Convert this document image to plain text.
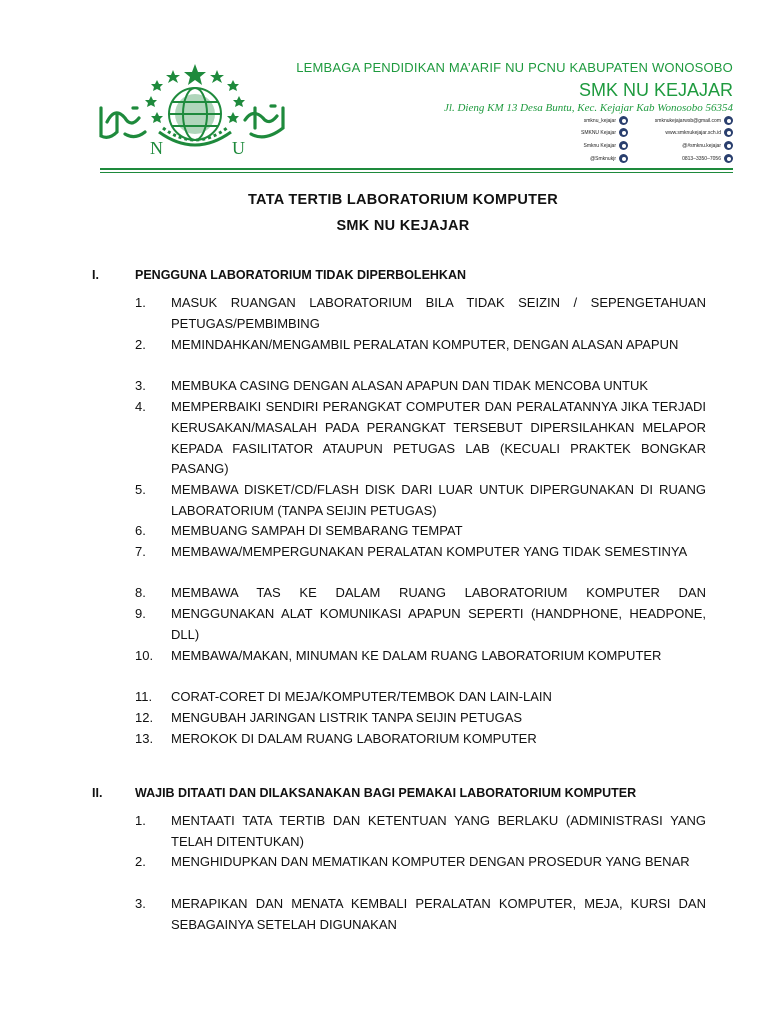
N	U
LEMBAGA PENDIDIKAN MA’ARIF NU PCNU KABUPATEN WONOSOBO
SMK NU KEJAJAR
Jl. Dieng KM 13 Desa Buntu, Kec. Kejajar Kab Wonosobo 56354
smknu_kejajar
SMKNU Kejajar
Smknu Kejajar
@Smknukjr
smknukejajarwsb@gmail.com
www.smknukejajar.sch.id
@#smknu.kejajar
0813–3350–7056
TATA TERTIB LABORATORIUM KOMPUTER
SMK NU KEJAJAR
I.	PENGGUNA LABORATORIUM TIDAK DIPERBOLEHKAN
1.	MASUK RUANGAN LABORATORIUM BILA TIDAK SEIZIN / SEPENGETAHUAN PETUGAS/PEMBIMBING
2.	MEMINDAHKAN/MENGAMBIL PERALATAN KOMPUTER, DENGAN ALASAN APAPUN
3.	MEMBUKA CASING DENGAN ALASAN APAPUN DAN TIDAK MENCOBA UNTUK
4.	MEMPERBAIKI SENDIRI PERANGKAT COMPUTER DAN PERALATANNYA JIKA TERJADI KERUSAKAN/MASALAH PADA PERANGKAT TERSEBUT DIPERSILAHKAN MELAPOR KEPADA FASILITATOR ATAUPUN PETUGAS LAB (KECUALI PRAKTEK BONGKAR PASANG)
5.	MEMBAWA DISKET/CD/FLASH DISK DARI LUAR UNTUK DIPERGUNAKAN DI RUANG LABORATORIUM (TANPA SEIJIN PETUGAS)
6.	MEMBUANG SAMPAH DI SEMBARANG TEMPAT
7.	MEMBAWA/MEMPERGUNAKAN PERALATAN KOMPUTER YANG TIDAK SEMESTINYA
8.	MEMBAWA TAS KE DALAM RUANG LABORATORIUM KOMPUTER DAN
9.	MENGGUNAKAN ALAT KOMUNIKASI APAPUN SEPERTI (HANDPHONE, HEADPONE, DLL)
10.	MEMBAWA/MAKAN, MINUMAN KE DALAM RUANG LABORATORIUM KOMPUTER
11.	CORAT-CORET DI MEJA/KOMPUTER/TEMBOK DAN LAIN-LAIN
12.	MENGUBAH JARINGAN LISTRIK TANPA SEIJIN PETUGAS
13.	MEROKOK DI DALAM RUANG LABORATORIUM KOMPUTER
II.	WAJIB DITAATI DAN DILAKSANAKAN BAGI PEMAKAI LABORATORIUM KOMPUTER
1.	MENTAATI TATA TERTIB DAN KETENTUAN YANG BERLAKU (ADMINISTRASI YANG TELAH DITENTUKAN)
2.	MENGHIDUPKAN DAN MEMATIKAN KOMPUTER DENGAN PROSEDUR YANG BENAR
3.	MERAPIKAN DAN MENATA KEMBALI PERALATAN KOMPUTER, MEJA, KURSI DAN SEBAGAINYA SETELAH DIGUNAKAN
